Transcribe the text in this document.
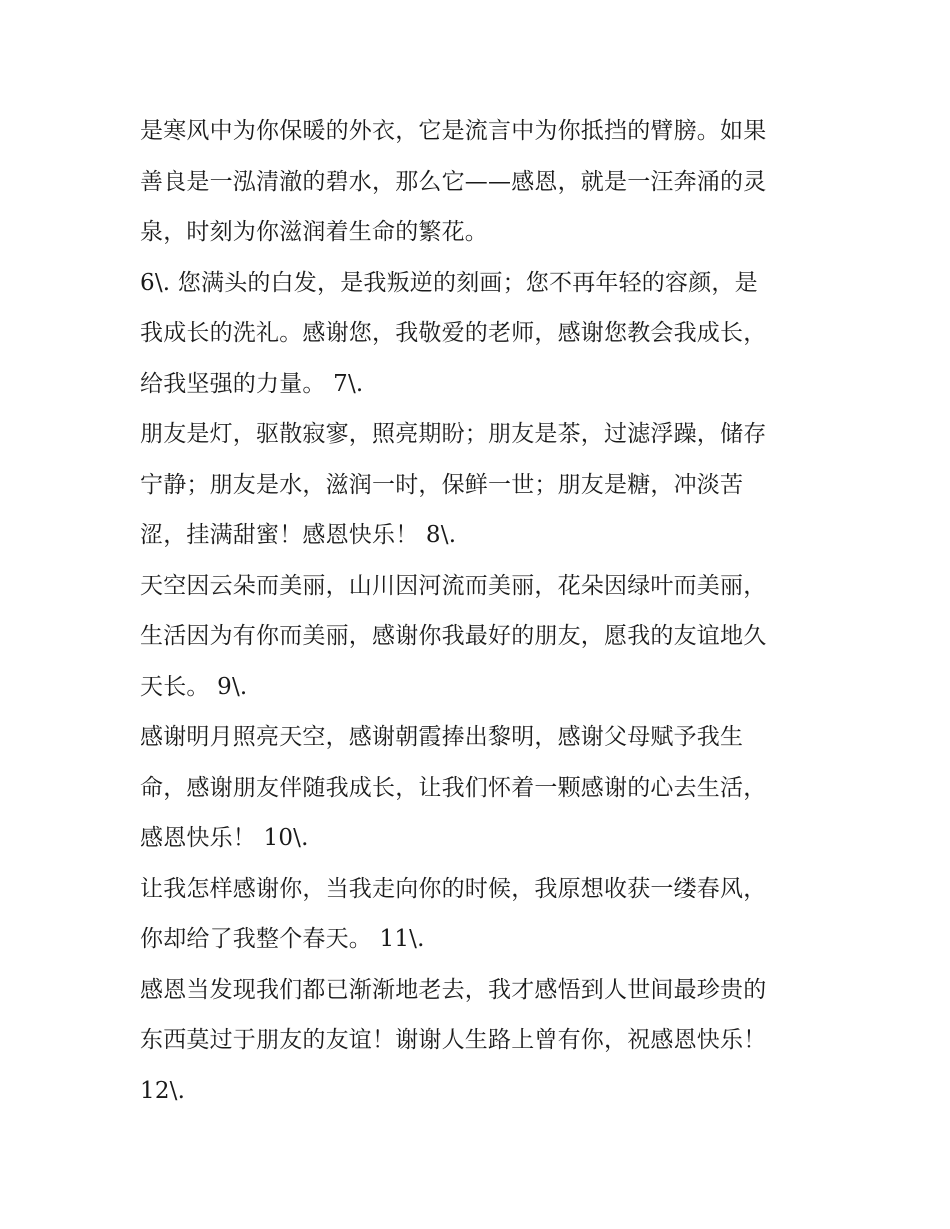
是寒风中为你保暖的外衣，它是流言中为你抵挡的臂膀。如果
善良是一泓清澈的碧水，那么它——感恩，就是一汪奔涌的灵
泉，时刻为你滋润着生命的繁花。
6\. 您满头的白发，是我叛逆的刻画；您不再年轻的容颜，是
我成长的洗礼。感谢您，我敬爱的老师，感谢您教会我成长，
给我坚强的力量。 7\.
朋友是灯，驱散寂寥，照亮期盼；朋友是茶，过滤浮躁，储存
宁静；朋友是水，滋润一时，保鲜一世；朋友是糖，冲淡苦
涩，挂满甜蜜！感恩快乐！ 8\.
天空因云朵而美丽，山川因河流而美丽，花朵因绿叶而美丽，
生活因为有你而美丽，感谢你我最好的朋友，愿我的友谊地久
天长。 9\.
感谢明月照亮天空，感谢朝霞捧出黎明，感谢父母赋予我生
命，感谢朋友伴随我成长，让我们怀着一颗感谢的心去生活，
感恩快乐！ 10\.
让我怎样感谢你，当我走向你的时候，我原想收获一缕春风，
你却给了我整个春天。 11\.
感恩当发现我们都已渐渐地老去，我才感悟到人世间最珍贵的
东西莫过于朋友的友谊！谢谢人生路上曾有你，祝感恩快乐！
12\.
